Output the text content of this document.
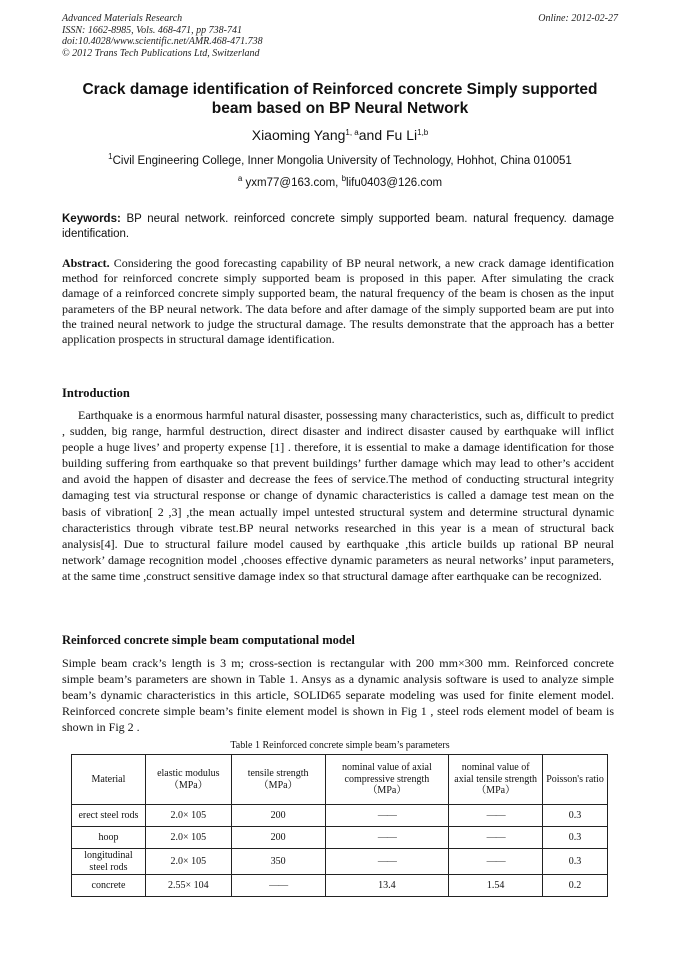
Advanced Materials Research
ISSN: 1662-8985, Vols. 468-471, pp 738-741
doi:10.4028/www.scientific.net/AMR.468-471.738
© 2012 Trans Tech Publications Ltd, Switzerland
Online: 2012-02-27
Crack damage identification of Reinforced concrete Simply supported beam based on BP Neural Network
Xiaoming Yang$^{1, a}$and Fu Li$^{1,b}$
$^1$Civil Engineering College, Inner Mongolia University of Technology, Hohhot, China 010051
$^a$ yxm77@163.com, $^b$lifu0403@126.com
Keywords: BP neural network. reinforced concrete simply supported beam. natural frequency. damage identification.
Abstract. Considering the good forecasting capability of BP neural network, a new crack damage identification method for reinforced concrete simply supported beam is proposed in this paper. After simulating the crack damage of a reinforced concrete simply supported beam, the natural frequency of the beam is chosen as the input parameters of the BP neural network. The data before and after damage of the simply supported beam are put into the trained neural network to judge the structural damage. The results demonstrate that the approach has a better application prospects in structural damage identification.
Introduction
Earthquake is a enormous harmful natural disaster, possessing many characteristics, such as, difficult to predict , sudden, big range, harmful destruction, direct disaster and indirect disaster caused by earthquake will inflict people a huge lives’ and property expense [1] . therefore, it is essential to make a damage identification for those building suffering from earthquake so that prevent buildings’ further damage which may lead to other’s accident and avoid the happen of disaster and decrease the fees of service.The method of conducting structural integrity damaging test via structural response or change of dynamic characteristics is called a damage test mean on the basis of vibration[ 2 ,3] ,the mean actually impel untested structural system and determine structural dynamic characteristics through vibrate test.BP neural networks researched in this year is a mean of structural back analysis[4]. Due to structural failure model caused by earthquake ,this article builds up rational BP neural network’ damage recognition model ,chooses effective dynamic parameters as neural networks’ input parameters, at the same time ,construct sensitive damage index so that structural damage after earthquake can be recognized.
Reinforced concrete simple beam computational model
Simple beam crack’s length is 3 m; cross-section is rectangular with 200 mm×300 mm. Reinforced concrete simple beam’s parameters are shown in Table 1. Ansys as a dynamic analysis software is used to analyze simple beam’s dynamic characteristics in this article, SOLID65 separate modeling was used for finite element model. Reinforced concrete simple beam’s finite element model is shown in Fig 1 , steel rods element model of beam is shown in Fig 2 .
Table 1 Reinforced concrete simple beam’s parameters
Material	elastic modulus （MPa）	tensile strength （MPa）	nominal value of axial compressive strength （MPa）	nominal value of axial tensile strength （MPa）	Poisson's ratio
erect steel rods	2.0× 105	200	——	——	0.3
hoop	2.0× 105	200	——	——	0.3
longitudinal steel rods	2.0× 105	350	——	——	0.3
concrete	2.55× 104	——	13.4	1.54	0.2
